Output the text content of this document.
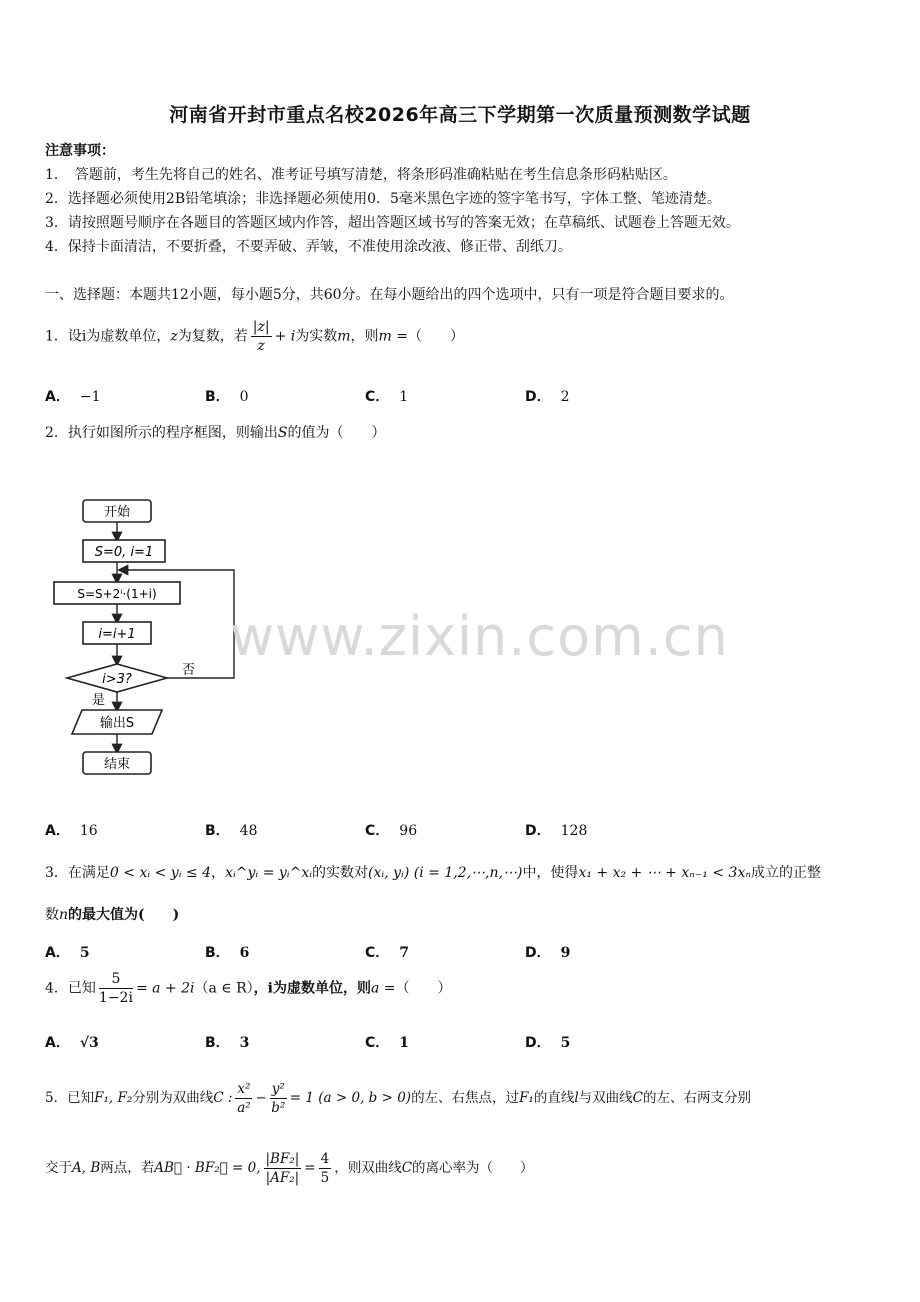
河南省开封市重点名校2026年高三下学期第一次质量预测数学试题
注意事项：
1．　答题前，考生先将自己的姓名、准考证号填写清楚，将条形码准确粘贴在考生信息条形码粘贴区。
2．选择题必须使用2B铅笔填涂；非选择题必须使用0．5毫米黑色字迹的签字笔书写，字体工整、笔迹清楚。
3．请按照题号顺序在各题目的答题区域内作答，超出答题区域书写的答案无效；在草稿纸、试题卷上答题无效。
4．保持卡面清洁，不要折叠，不要弄破、弄皱，不准使用涂改液、修正带、刮纸刀。
一、选择题：本题共12小题，每小题5分，共60分。在每小题给出的四个选项中，只有一项是符合题目要求的。
1．设i为虚数单位，z为复数，若 $\frac{|z|}{z} + i$为实数m，则m =（　　）
A． −1	B． 0	C． 1	D． 2
2．执行如图所示的程序框图，则输出S的值为（　　）
开始
S=0, i=1
S=S+2ⁱ·(1+i)
i=i+1
i>3?
否
是
输出S
结束
www.zixin.com.cn
A． 16	B． 48	C． 96	D． 128
3．在满足0 < xᵢ < yᵢ ≤ 4，xᵢ^yᵢ = yᵢ^xᵢ的实数对(xᵢ, yᵢ) (i = 1,2,⋯,n,⋯)中，使得x₁ + x₂ + ⋯ + xₙ₋₁ < 3xₙ成立的正整
数n的最大值为(　　)
A． 5	B． 6	C． 7	D． 9
4．已知 $\frac{5}{1-2i} = a + 2i(a$ ∈ R），i为虚数单位，则a =（　　）
A． √3	B． 3	C． 1	D． 5
5．已知F₁, F₂分别为双曲线C : $\frac{\text{x²}}{\text{a²}} - \frac{\text{y²}}{\text{b²}} = 1$ (a > 0, b > 0)的左、右焦点，过F₁的直线l与双曲线C的左、右两支分别
交于A, B两点，若AB⃗ · BF₂⃗ = 0, $\frac{\text{|BF₂|}}{\text{|AF₂|}} = \frac{4}{5}$ ，则双曲线C的离心率为（　　）
